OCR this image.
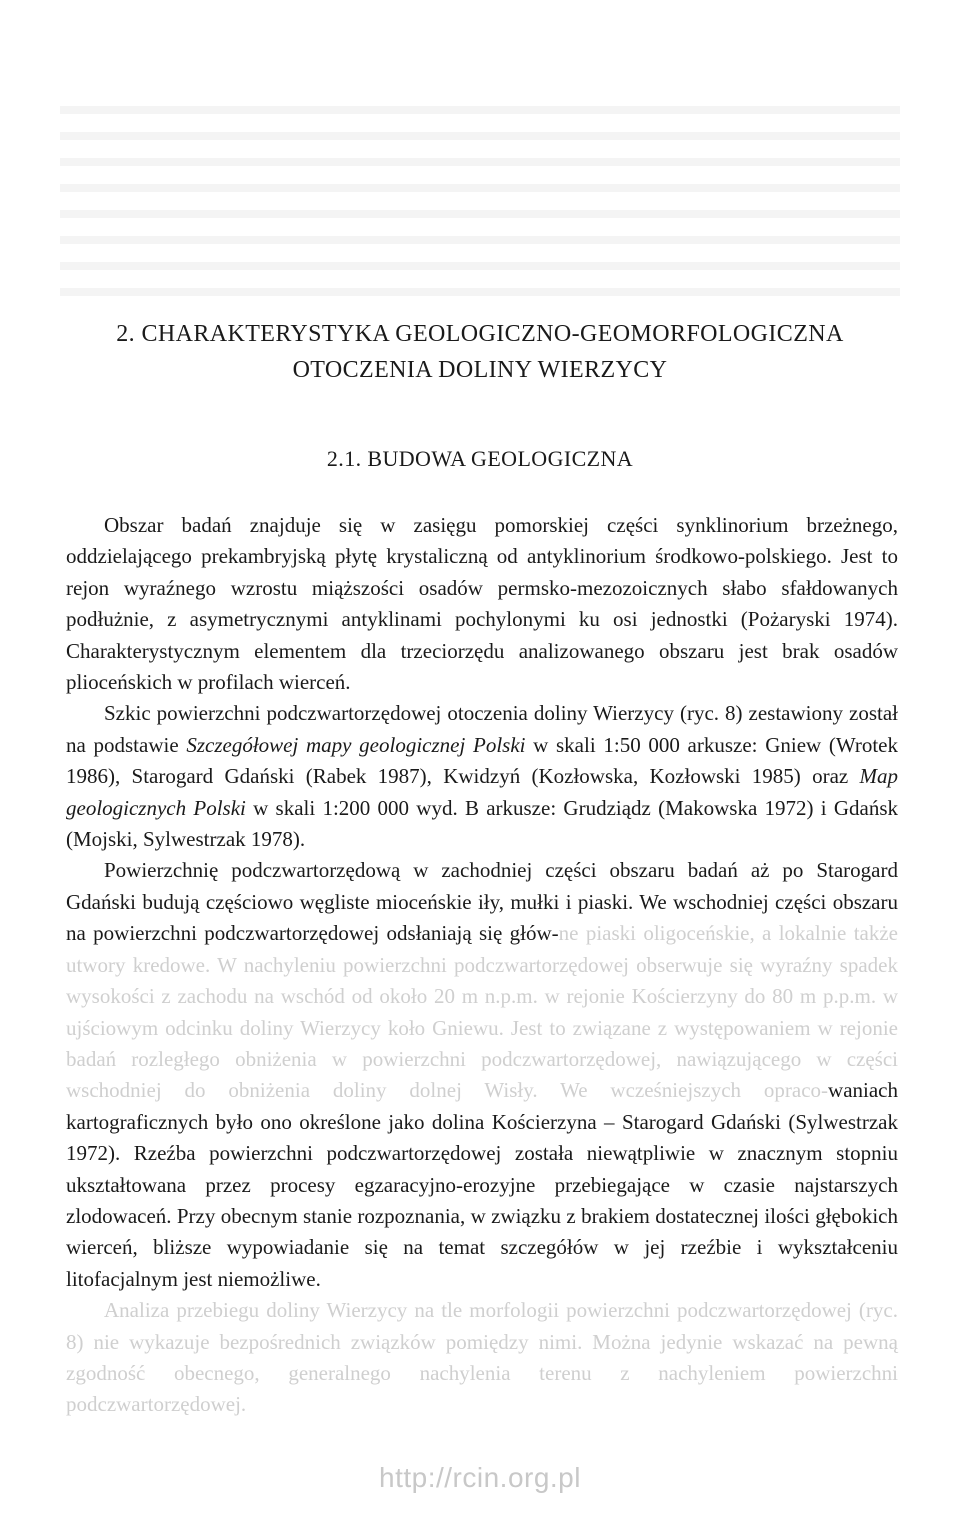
2. CHARAKTERYSTYKA GEOLOGICZNO-GEOMORFOLOGICZNA
OTOCZENIA DOLINY WIERZYCY
2.1. BUDOWA GEOLOGICZNA

Obszar badań znajduje się w zasięgu pomorskiej części synklinorium brzeżnego, oddzielającego prekambryjską płytę krystaliczną od antyklinorium środkowo-polskiego. Jest to rejon wyraźnego wzrostu miąższości osadów permsko-mezozoicznych słabo sfałdowanych podłużnie, z asymetrycznymi antyklinami pochylonymi ku osi jednostki (Pożaryski 1974). Charakterystycznym elementem dla trzeciorzędu analizowanego obszaru jest brak osadów plioceńskich w profilach wierceń.

Szkic powierzchni podczwartorzędowej otoczenia doliny Wierzycy (ryc. 8) zestawiony został na podstawie Szczegółowej mapy geologicznej Polski w skali 1:50 000 arkusze: Gniew (Wrotek 1986), Starogard Gdański (Rabek 1987), Kwidzyń (Kozłowska, Kozłowski 1985) oraz Map geologicznych Polski w skali 1:200 000 wyd. B arkusze: Grudziądz (Makowska 1972) i Gdańsk (Mojski, Sylwestrzak 1978).

Powierzchnię podczwartorzędową w zachodniej części obszaru badań aż po Starogard Gdański budują częściowo węgliste mioceńskie iły, mułki i piaski. We wschodniej części obszaru na powierzchni podczwartorzędowej odsłaniają się głów-ne piaski oligoceńskie, a lokalnie także utwory kredowe. W nachyleniu powierzchni podczwartorzędowej obserwuje się wyraźny spadek wysokości z zachodu na wschód od około 20 m n.p.m. w rejonie Kościerzyny do 80 m p.p.m. w ujściowym odcinku doliny Wierzycy koło Gniewu. Jest to związane z występowaniem w rejonie badań rozległego obniżenia w powierzchni podczwartorzędowej, nawiązującego w części wschodniej do obniżenia doliny dolnej Wisły. We wcześniejszych opraco-waniach kartograficznych było ono określone jako dolina Kościerzyna – Starogard Gdański (Sylwestrzak 1972). Rzeźba powierzchni podczwartorzędowej została niewątpliwie w znacznym stopniu ukształtowana przez procesy egzaracyjno-erozyjne przebiegające w czasie najstarszych zlodowaceń. Przy obecnym stanie rozpoznania, w związku z brakiem dostatecznej ilości głębokich wierceń, bliższe wypowiadanie się na temat szczegółów w jej rzeźbie i wykształceniu litofacjalnym jest niemożliwe.

Analiza przebiegu doliny Wierzycy na tle morfologii powierzchni podczwartorzędowej (ryc. 8) nie wykazuje bezpośrednich związków pomiędzy nimi. Można jedynie wskazać na pewną zgodność obecnego, generalnego nachylenia terenu z nachyleniem powierzchni podczwartorzędowej.

http://rcin.org.pl
